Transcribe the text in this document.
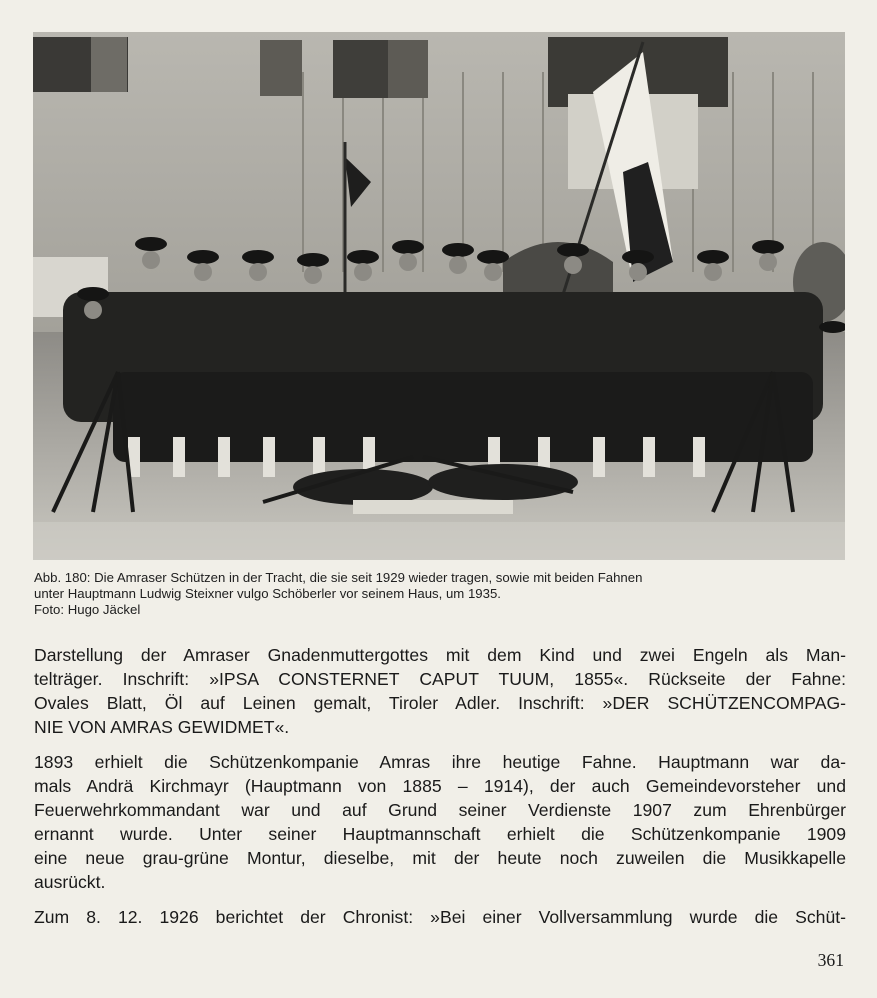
Abb. 180: Die Amraser Schützen in der Tracht, die sie seit 1929 wieder tragen, sowie mit beiden Fahnen
unter Hauptmann Ludwig Steixner vulgo Schöberler vor seinem Haus, um 1935.
Foto: Hugo Jäckel
Darstellung der Amraser Gnadenmuttergottes mit dem Kind und zwei Engeln als Man-
telträger. Inschrift: »IPSA CONSTERNET CAPUT TUUM, 1855«. Rückseite der Fahne:
Ovales Blatt, Öl auf Leinen gemalt, Tiroler Adler. Inschrift: »DER SCHÜTZENCOMPAG-
NIE VON AMRAS GEWIDMET«.
1893 erhielt die Schützenkompanie Amras ihre heutige Fahne. Hauptmann war da-
mals Andrä Kirchmayr (Hauptmann von 1885 – 1914), der auch Gemeindevorsteher und
Feuerwehrkommandant war und auf Grund seiner Verdienste 1907 zum Ehrenbürger
ernannt wurde. Unter seiner Hauptmannschaft erhielt die Schützenkompanie 1909
eine neue grau-grüne Montur, dieselbe, mit der heute noch zuweilen die Musikkapelle
ausrückt.
Zum 8. 12. 1926 berichtet der Chronist: »Bei einer Vollversammlung wurde die Schüt-
361
